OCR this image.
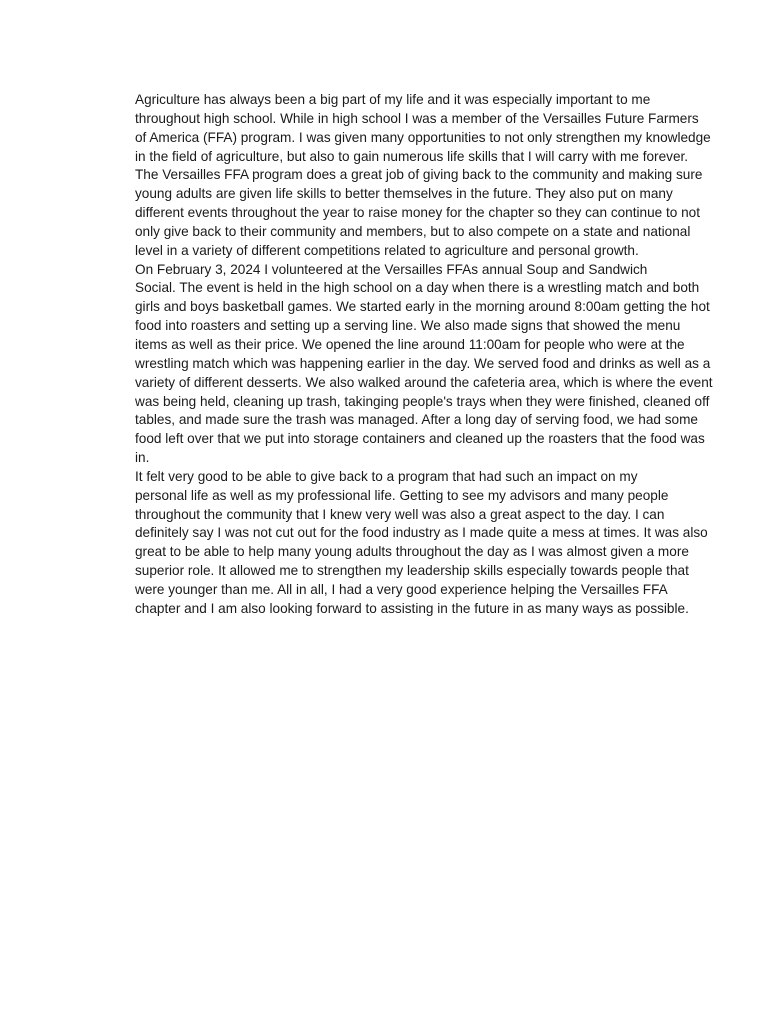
Agriculture has always been a big part of my life and it was especially important to me
throughout high school. While in high school I was a member of the Versailles Future Farmers
of America (FFA) program. I was given many opportunities to not only strengthen my knowledge
in the field of agriculture, but also to gain numerous life skills that I will carry with me forever.
The Versailles FFA program does a great job of giving back to the community and making sure
young adults are given life skills to better themselves in the future. They also put on many
different events throughout the year to raise money for the chapter so they can continue to not
only give back to their community and members, but to also compete on a state and national
level in a variety of different competitions related to agriculture and personal growth.

On February 3, 2024 I volunteered at the Versailles FFAs annual Soup and Sandwich
Social. The event is held in the high school on a day when there is a wrestling match and both
girls and boys basketball games. We started early in the morning around 8:00am getting the hot
food into roasters and setting up a serving line. We also made signs that showed the menu
items as well as their price. We opened the line around 11:00am for people who were at the
wrestling match which was happening earlier in the day. We served food and drinks as well as a
variety of different desserts. We also walked around the cafeteria area, which is where the event
was being held, cleaning up trash, takinging people's trays when they were finished, cleaned off
tables, and made sure the trash was managed. After a long day of serving food, we had some
food left over that we put into storage containers and cleaned up the roasters that the food was
in.

It felt very good to be able to give back to a program that had such an impact on my
personal life as well as my professional life. Getting to see my advisors and many people
throughout the community that I knew very well was also a great aspect to the day. I can
definitely say I was not cut out for the food industry as I made quite a mess at times. It was also
great to be able to help many young adults throughout the day as I was almost given a more
superior role. It allowed me to strengthen my leadership skills especially towards people that
were younger than me. All in all, I had a very good experience helping the Versailles FFA
chapter and I am also looking forward to assisting in the future in as many ways as possible.
